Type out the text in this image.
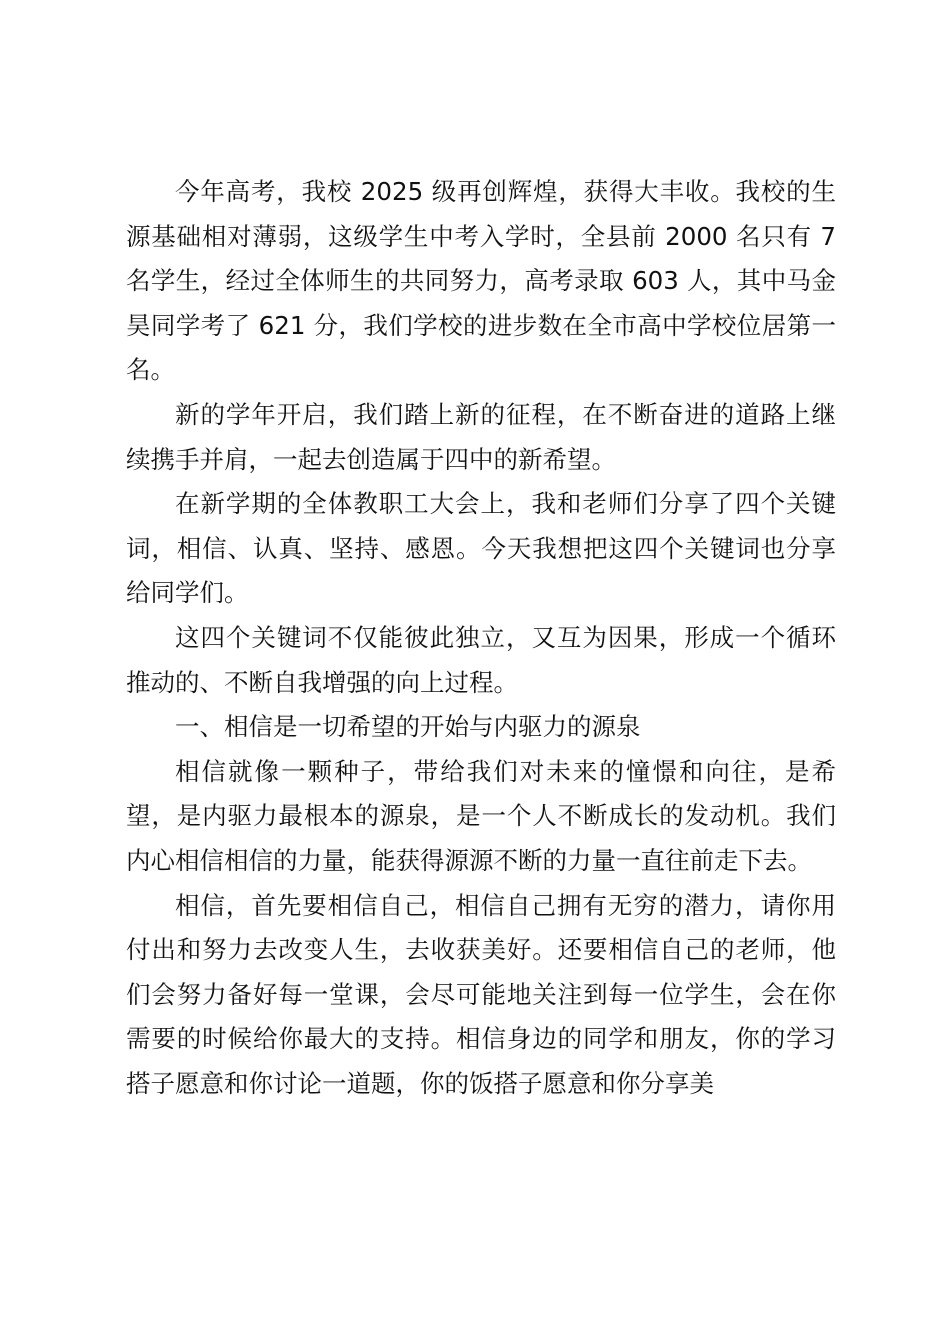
今年高考，我校 2025 级再创辉煌，获得大丰收。我校的生源基础相对薄弱，这级学生中考入学时，全县前 2000 名只有 7 名学生，经过全体师生的共同努力，高考录取 603 人，其中马金昊同学考了 621 分，我们学校的进步数在全市高中学校位居第一名。

新的学年开启，我们踏上新的征程，在不断奋进的道路上继续携手并肩，一起去创造属于四中的新希望。

在新学期的全体教职工大会上，我和老师们分享了四个关键词，相信、认真、坚持、感恩。今天我想把这四个关键词也分享给同学们。

这四个关键词不仅能彼此独立，又互为因果，形成一个循环推动的、不断自我增强的向上过程。

一、相信是一切希望的开始与内驱力的源泉

相信就像一颗种子，带给我们对未来的憧憬和向往，是希望，是内驱力最根本的源泉，是一个人不断成长的发动机。我们内心相信相信的力量，能获得源源不断的力量一直往前走下去。

相信，首先要相信自己，相信自己拥有无穷的潜力，请你用付出和努力去改变人生，去收获美好。还要相信自己的老师，他们会努力备好每一堂课，会尽可能地关注到每一位学生，会在你需要的时候给你最大的支持。相信身边的同学和朋友，你的学习搭子愿意和你讨论一道题，你的饭搭子愿意和你分享美
